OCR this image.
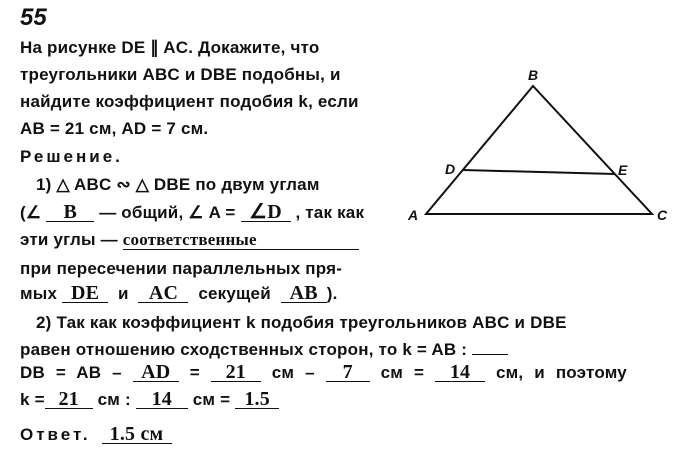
55
На рисунке DE ∥ AC. Докажите, что
треугольники ABC и DBE подобны, и
найдите коэффициент подобия k, если
AB = 21 см, AD = 7 см.
Решение.
1) △ ABC ∾ △ DBE по двум углам
(∠ B — общий, ∠ A = ∠D , так как
эти углы — соответственные
при пересечении параллельных пря-
мых DE и AC секущей AB ).
2) Так как коэффициент k подобия треугольников ABC и DBE
равен отношению сходственных сторон, то k = AB :
DB = AB – AD = 21 см – 7 см = 14 см, и поэтому
k = 21 см : 14 см = 1.5
Ответ. 1.5 см
A
B
C
D	E
